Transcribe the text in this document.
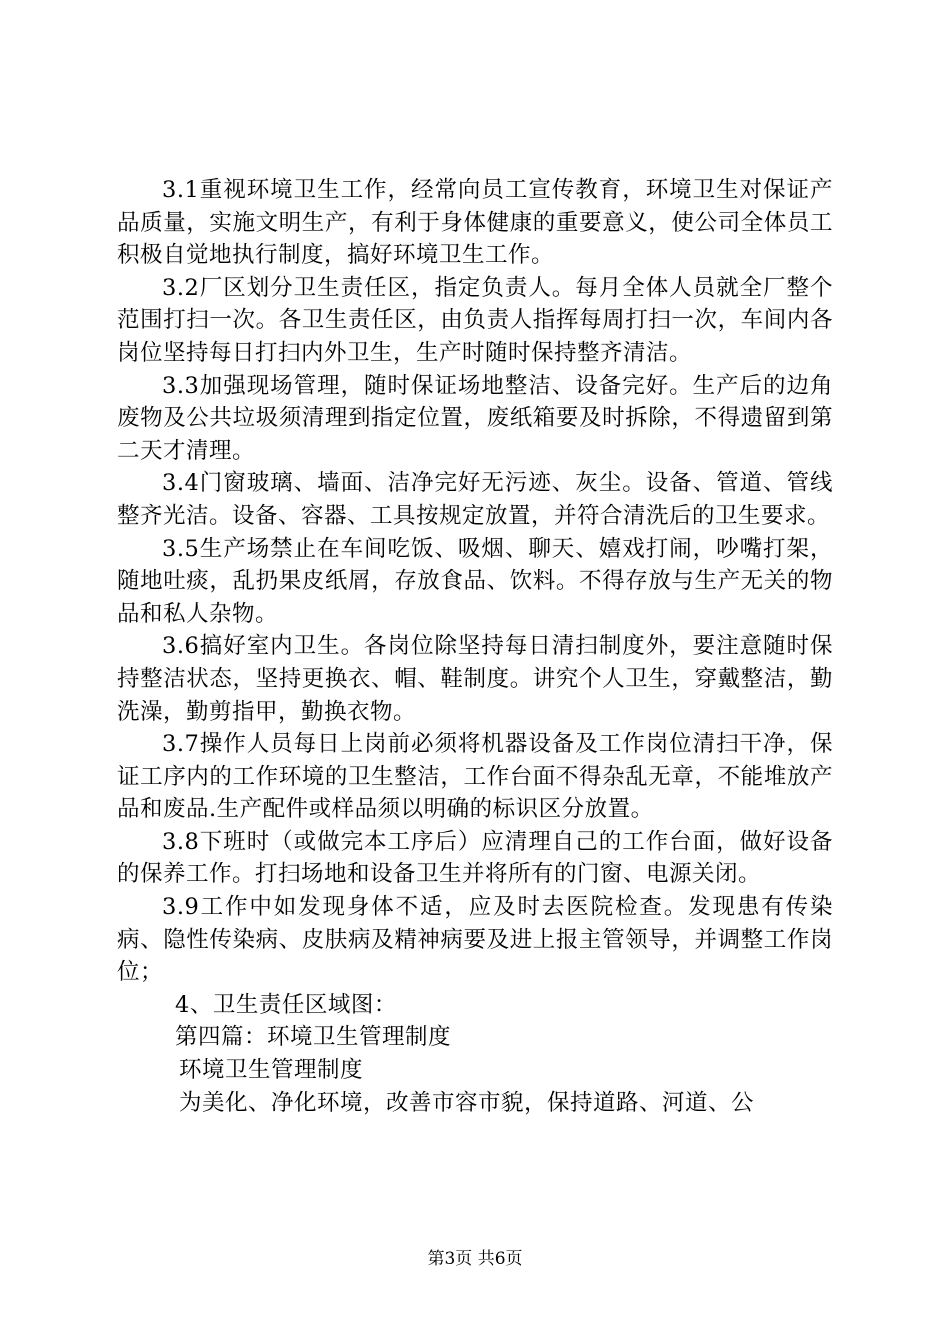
3.1重视环境卫生工作，经常向员工宣传教育，环境卫生对保证产品质量，实施文明生产，有利于身体健康的重要意义，使公司全体员工积极自觉地执行制度，搞好环境卫生工作。

3.2厂区划分卫生责任区，指定负责人。每月全体人员就全厂整个范围打扫一次。各卫生责任区，由负责人指挥每周打扫一次，车间内各岗位坚持每日打扫内外卫生，生产时随时保持整齐清洁。

3.3加强现场管理，随时保证场地整洁、设备完好。生产后的边角废物及公共垃圾须清理到指定位置，废纸箱要及时拆除，不得遗留到第二天才清理。

3.4门窗玻璃、墙面、洁净完好无污迹、灰尘。设备、管道、管线整齐光洁。设备、容器、工具按规定放置，并符合清洗后的卫生要求。

3.5生产场禁止在车间吃饭、吸烟、聊天、嬉戏打闹，吵嘴打架，随地吐痰，乱扔果皮纸屑，存放食品、饮料。不得存放与生产无关的物品和私人杂物。

3.6搞好室内卫生。各岗位除坚持每日清扫制度外，要注意随时保持整洁状态，坚持更换衣、帽、鞋制度。讲究个人卫生，穿戴整洁，勤洗澡，勤剪指甲，勤换衣物。

3.7操作人员每日上岗前必须将机器设备及工作岗位清扫干净，保证工序内的工作环境的卫生整洁，工作台面不得杂乱无章，不能堆放产品和废品.生产配件或样品须以明确的标识区分放置。

3.8下班时（或做完本工序后）应清理自己的工作台面，做好设备的保养工作。打扫场地和设备卫生并将所有的门窗、电源关闭。

3.9工作中如发现身体不适，应及时去医院检查。发现患有传染病、隐性传染病、皮肤病及精神病要及进上报主管领导，并调整工作岗位；

4、卫生责任区域图：

第四篇：环境卫生管理制度

环境卫生管理制度

为美化、净化环境，改善市容市貌，保持道路、河道、公

第3页 共6页
